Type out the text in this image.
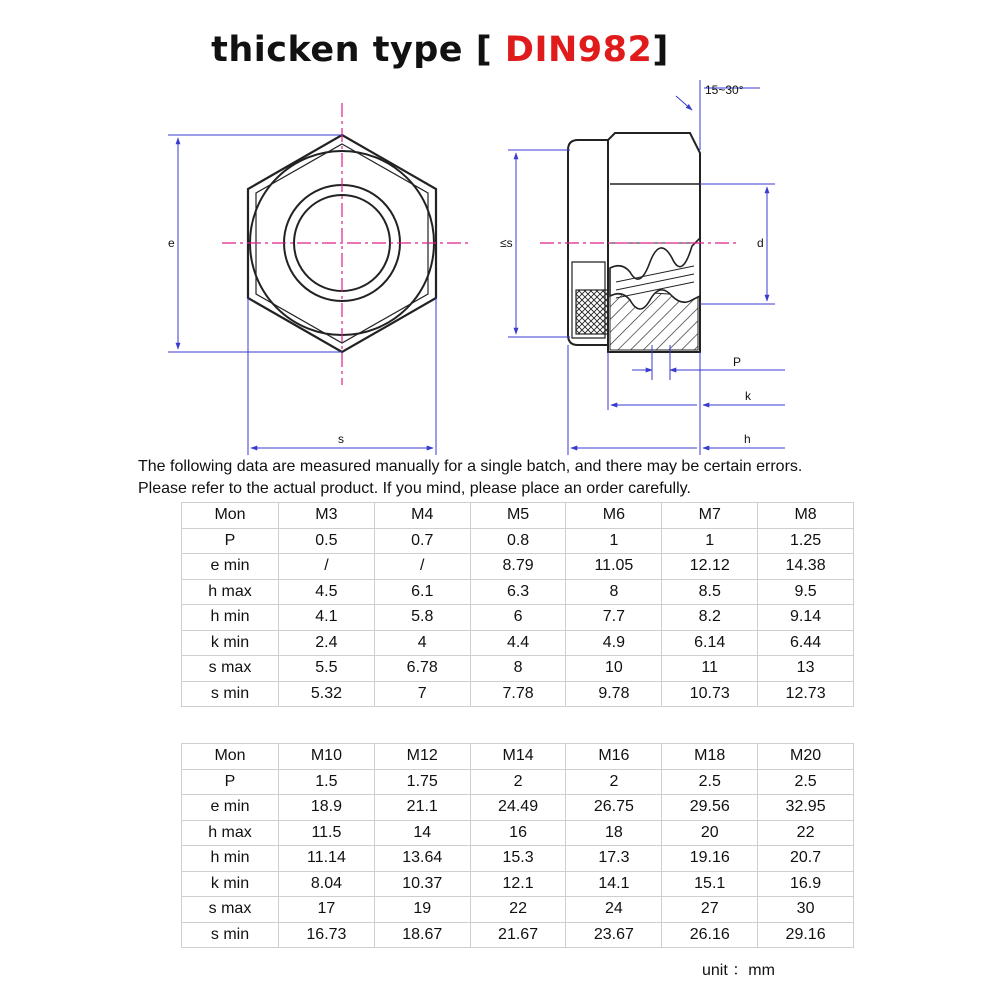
thicken type [ DIN982]
e
s
15~30°
≤s	d
P
k
h
The following data are measured manually for a single batch, and there may be certain errors.
Please refer to the actual product. If you mind, please place an order carefully.
Mon	M3	M4	M5	M6	M7	M8
P	0.5	0.7	0.8	1	1	1.25
e min	/	/	8.79	11.05	12.12	14.38
h max	4.5	6.1	6.3	8	8.5	9.5
h min	4.1	5.8	6	7.7	8.2	9.14
k min	2.4	4	4.4	4.9	6.14	6.44
s max	5.5	6.78	8	10	11	13
s min	5.32	7	7.78	9.78	10.73	12.73
Mon	M10	M12	M14	M16	M18	M20
P	1.5	1.75	2	2	2.5	2.5
e min	18.9	21.1	24.49	26.75	29.56	32.95
h max	11.5	14	16	18	20	22
h min	11.14	13.64	15.3	17.3	19.16	20.7
k min	8.04	10.37	12.1	14.1	15.1	16.9
s max	17	19	22	24	27	30
s min	16.73	18.67	21.67	23.67	26.16	29.16
unit ：mm
